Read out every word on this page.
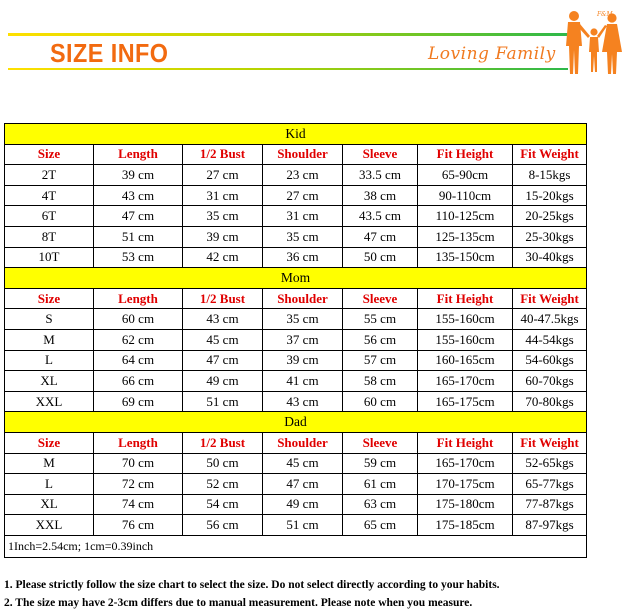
SIZE INFO	Loving Family
F&M
Kid						
Size	Length	1/2 Bust	Shoulder	Sleeve	Fit Height	Fit Weight
2T	39 cm	27 cm	23 cm	33.5 cm	65-90cm	8-15kgs
4T	43 cm	31 cm	27 cm	38 cm	90-110cm	15-20kgs
6T	47 cm	35 cm	31 cm	43.5 cm	110-125cm	20-25kgs
8T	51 cm	39 cm	35 cm	47 cm	125-135cm	25-30kgs
10T	53 cm	42 cm	36 cm	50 cm	135-150cm	30-40kgs
Mom						
Size	Length	1/2 Bust	Shoulder	Sleeve	Fit Height	Fit Weight
S	60 cm	43 cm	35 cm	55 cm	155-160cm	40-47.5kgs
M	62 cm	45 cm	37 cm	56 cm	155-160cm	44-54kgs
L	64 cm	47 cm	39 cm	57 cm	160-165cm	54-60kgs
XL	66 cm	49 cm	41 cm	58 cm	165-170cm	60-70kgs
XXL	69 cm	51 cm	43 cm	60 cm	165-175cm	70-80kgs
Dad						
Size	Length	1/2 Bust	Shoulder	Sleeve	Fit Height	Fit Weight
M	70 cm	50 cm	45 cm	59 cm	165-170cm	52-65kgs
L	72 cm	52 cm	47 cm	61 cm	170-175cm	65-77kgs
XL	74 cm	54 cm	49 cm	63 cm	175-180cm	77-87kgs
XXL	76 cm	56 cm	51 cm	65 cm	175-185cm	87-97kgs
1Inch=2.54cm; 1cm=0.39inch						
1. Please strictly follow the size chart to select the size. Do not select directly according to your habits.
2. The size may have 2-3cm differs due to manual measurement. Please note when you measure.
